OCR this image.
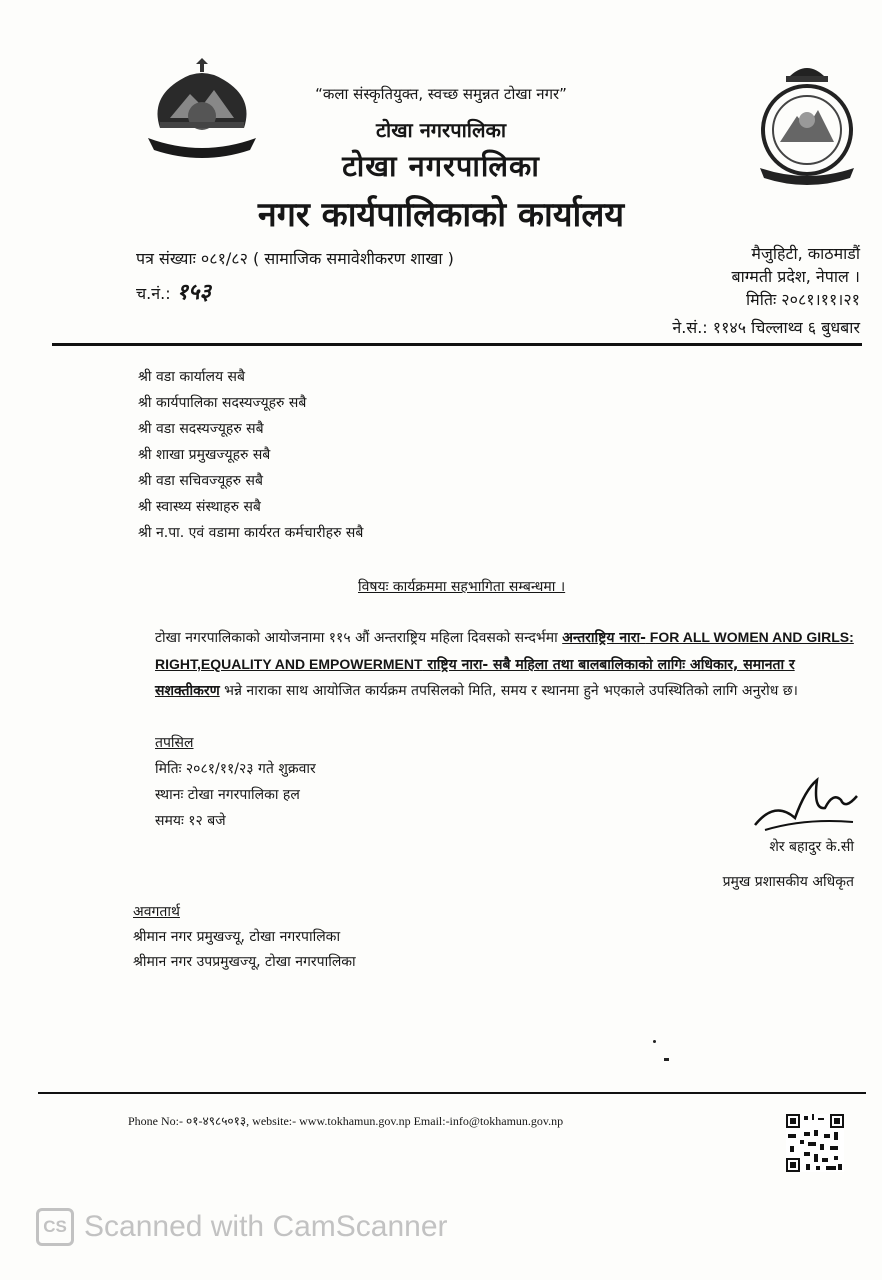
“कला संस्कृतियुक्त, स्वच्छ समुन्नत टोखा नगर”
टोखा नगरपालिका
टोखा नगरपालिका
नगर कार्यपालिकाको कार्यालय
पत्र संख्याः ०८१/८२ ( सामाजिक समावेशीकरण शाखा )
च.नं.: १५३
मैजुहिटी, काठमाडौं
बाग्मती प्रदेश, नेपाल ।
मितिः २०८१।११।२१
ने.सं.: ११४५ चिल्लाथ्व ६ बुधबार
श्री वडा कार्यालय सबै
श्री कार्यपालिका सदस्यज्यूहरु सबै
श्री वडा सदस्यज्यूहरु सबै
श्री शाखा प्रमुखज्यूहरु सबै
श्री वडा सचिवज्यूहरु सबै
श्री स्वास्थ्य संस्थाहरु सबै
श्री न.पा. एवं वडामा कार्यरत कर्मचारीहरु सबै
विषयः कार्यक्रममा सहभागिता सम्बन्धमा ।
टोखा नगरपालिकाको आयोजनामा ११५ औं अन्तराष्ट्रिय महिला दिवसको सन्दर्भमा अन्तराष्ट्रिय नारा- FOR ALL WOMEN AND GIRLS: RIGHT,EQUALITY AND EMPOWERMENT राष्ट्रिय नारा- सबै महिला तथा बालबालिकाको लागिः अधिकार, समानता र सशक्तीकरण भन्ने नाराका साथ आयोजित कार्यक्रम तपसिलको मिति, समय र स्थानमा हुने भएकाले उपस्थितिको लागि अनुरोध छ।
तपसिल
मितिः २०८१/११/२३ गते शुक्रवार
स्थानः टोखा नगरपालिका हल
समयः १२ बजे
शेर बहादुर के.सी
प्रमुख प्रशासकीय अधिकृत
अवगतार्थ
श्रीमान नगर प्रमुखज्यू, टोखा नगरपालिका
श्रीमान नगर उपप्रमुखज्यू, टोखा नगरपालिका
Phone No:- ०१-४९८५०१३, website:- www.tokhamun.gov.np Email:-info@tokhamun.gov.np
CS Scanned with CamScanner
